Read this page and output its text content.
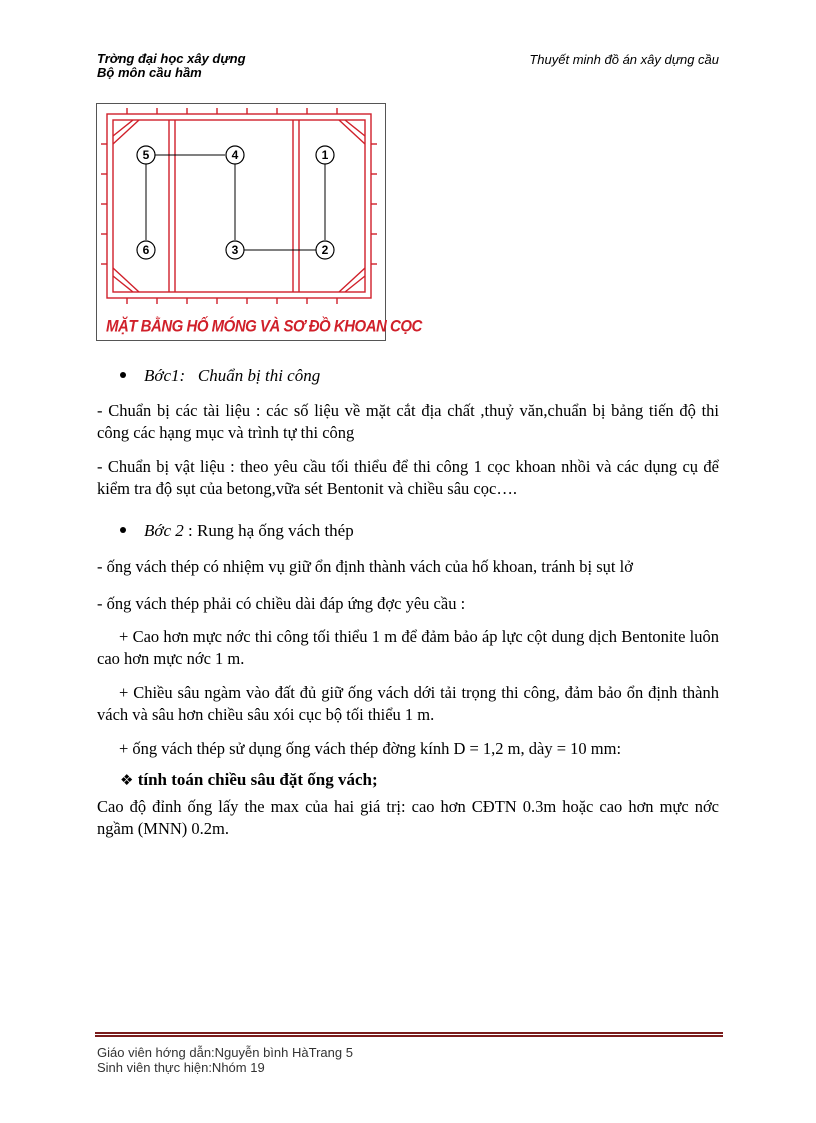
Trờng đại học xây dựng
Bộ môn cầu hầm
Thuyết minh đồ án xây dựng cầu
1
2
3
4
5
6
MẶT BẰNG HỐ MÓNG VÀ SƠ ĐỒ KHOAN CỌC
Bớc1: Chuẩn bị thi công
- Chuẩn bị các tài liệu : các số liệu về mặt cắt địa chất ,thuỷ văn,chuẩn bị bảng tiến độ thi công các hạng mục và trình tự thi công
- Chuẩn bị vật liệu : theo yêu cầu tối thiểu để thi công 1 cọc khoan nhồi và các dụng cụ để kiểm tra độ sụt của betong,vữa sét Bentonit và chiều sâu cọc….
Bớc 2 : Rung hạ ống vách thép
- ống vách thép có nhiệm vụ giữ ổn định thành vách của hố khoan, tránh bị sụt lở
- ống vách thép phải có chiều dài đáp ứng đợc yêu cầu :
+ Cao hơn mực nớc thi công tối thiểu 1 m để đảm bảo áp lực cột dung dịch Bentonite luôn cao hơn mực nớc 1 m.
+ Chiều sâu ngàm vào đất đủ giữ ống vách dới tải trọng thi công, đảm bảo ổn định thành vách và sâu hơn chiều sâu xói cục bộ tối thiểu 1 m.
+ ống vách thép sử dụng ống vách thép đờng kính D = 1,2 m, dày = 10 mm:
❖ tính toán chiều sâu đặt ống vách;
Cao độ đỉnh ống lấy the max của hai giá trị: cao hơn CĐTN 0.3m hoặc cao hơn mực nớc ngầm (MNN) 0.2m.
Giáo viên hớng dẫn:Nguyễn bình HàTrang 5
Sinh viên thực hiện:Nhóm 19
